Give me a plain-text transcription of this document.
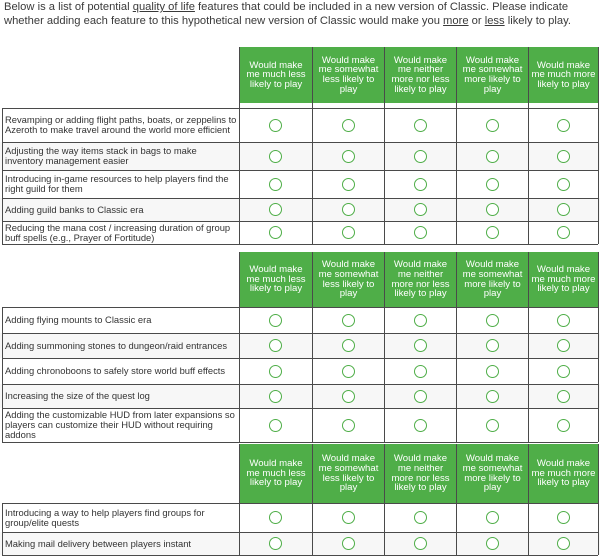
Below is a list of potential quality of life features that could be included in a new version of Classic. Please indicate whether adding each feature to this hypothetical new version of Classic would make you more or less likely to play.
Would make me much less likely to play
Would make me somewhat less likely to play
Would make me neither more nor less likely to play
Would make me somewhat more likely to play
Would make me much more likely to play
Revamping or adding flight paths, boats, or zeppelins to Azeroth to make travel around the world more efficient
Adjusting the way items stack in bags to make inventory management easier
Introducing in-game resources to help players find the right guild for them
Adding guild banks to Classic era
Reducing the mana cost / increasing duration of group buff spells (e.g., Prayer of Fortitude)
Would make me much less likely to play
Would make me somewhat less likely to play
Would make me neither more nor less likely to play
Would make me somewhat more likely to play
Would make me much more likely to play
Adding flying mounts to Classic era
Adding summoning stones to dungeon/raid entrances
Adding chronoboons to safely store world buff effects
Increasing the size of the quest log
Adding the customizable HUD from later expansions so players can customize their HUD without requiring addons
Would make me much less likely to play
Would make me somewhat less likely to play
Would make me neither more nor less likely to play
Would make me somewhat more likely to play
Would make me much more likely to play
Introducing a way to help players find groups for group/elite quests
Making mail delivery between players instant
